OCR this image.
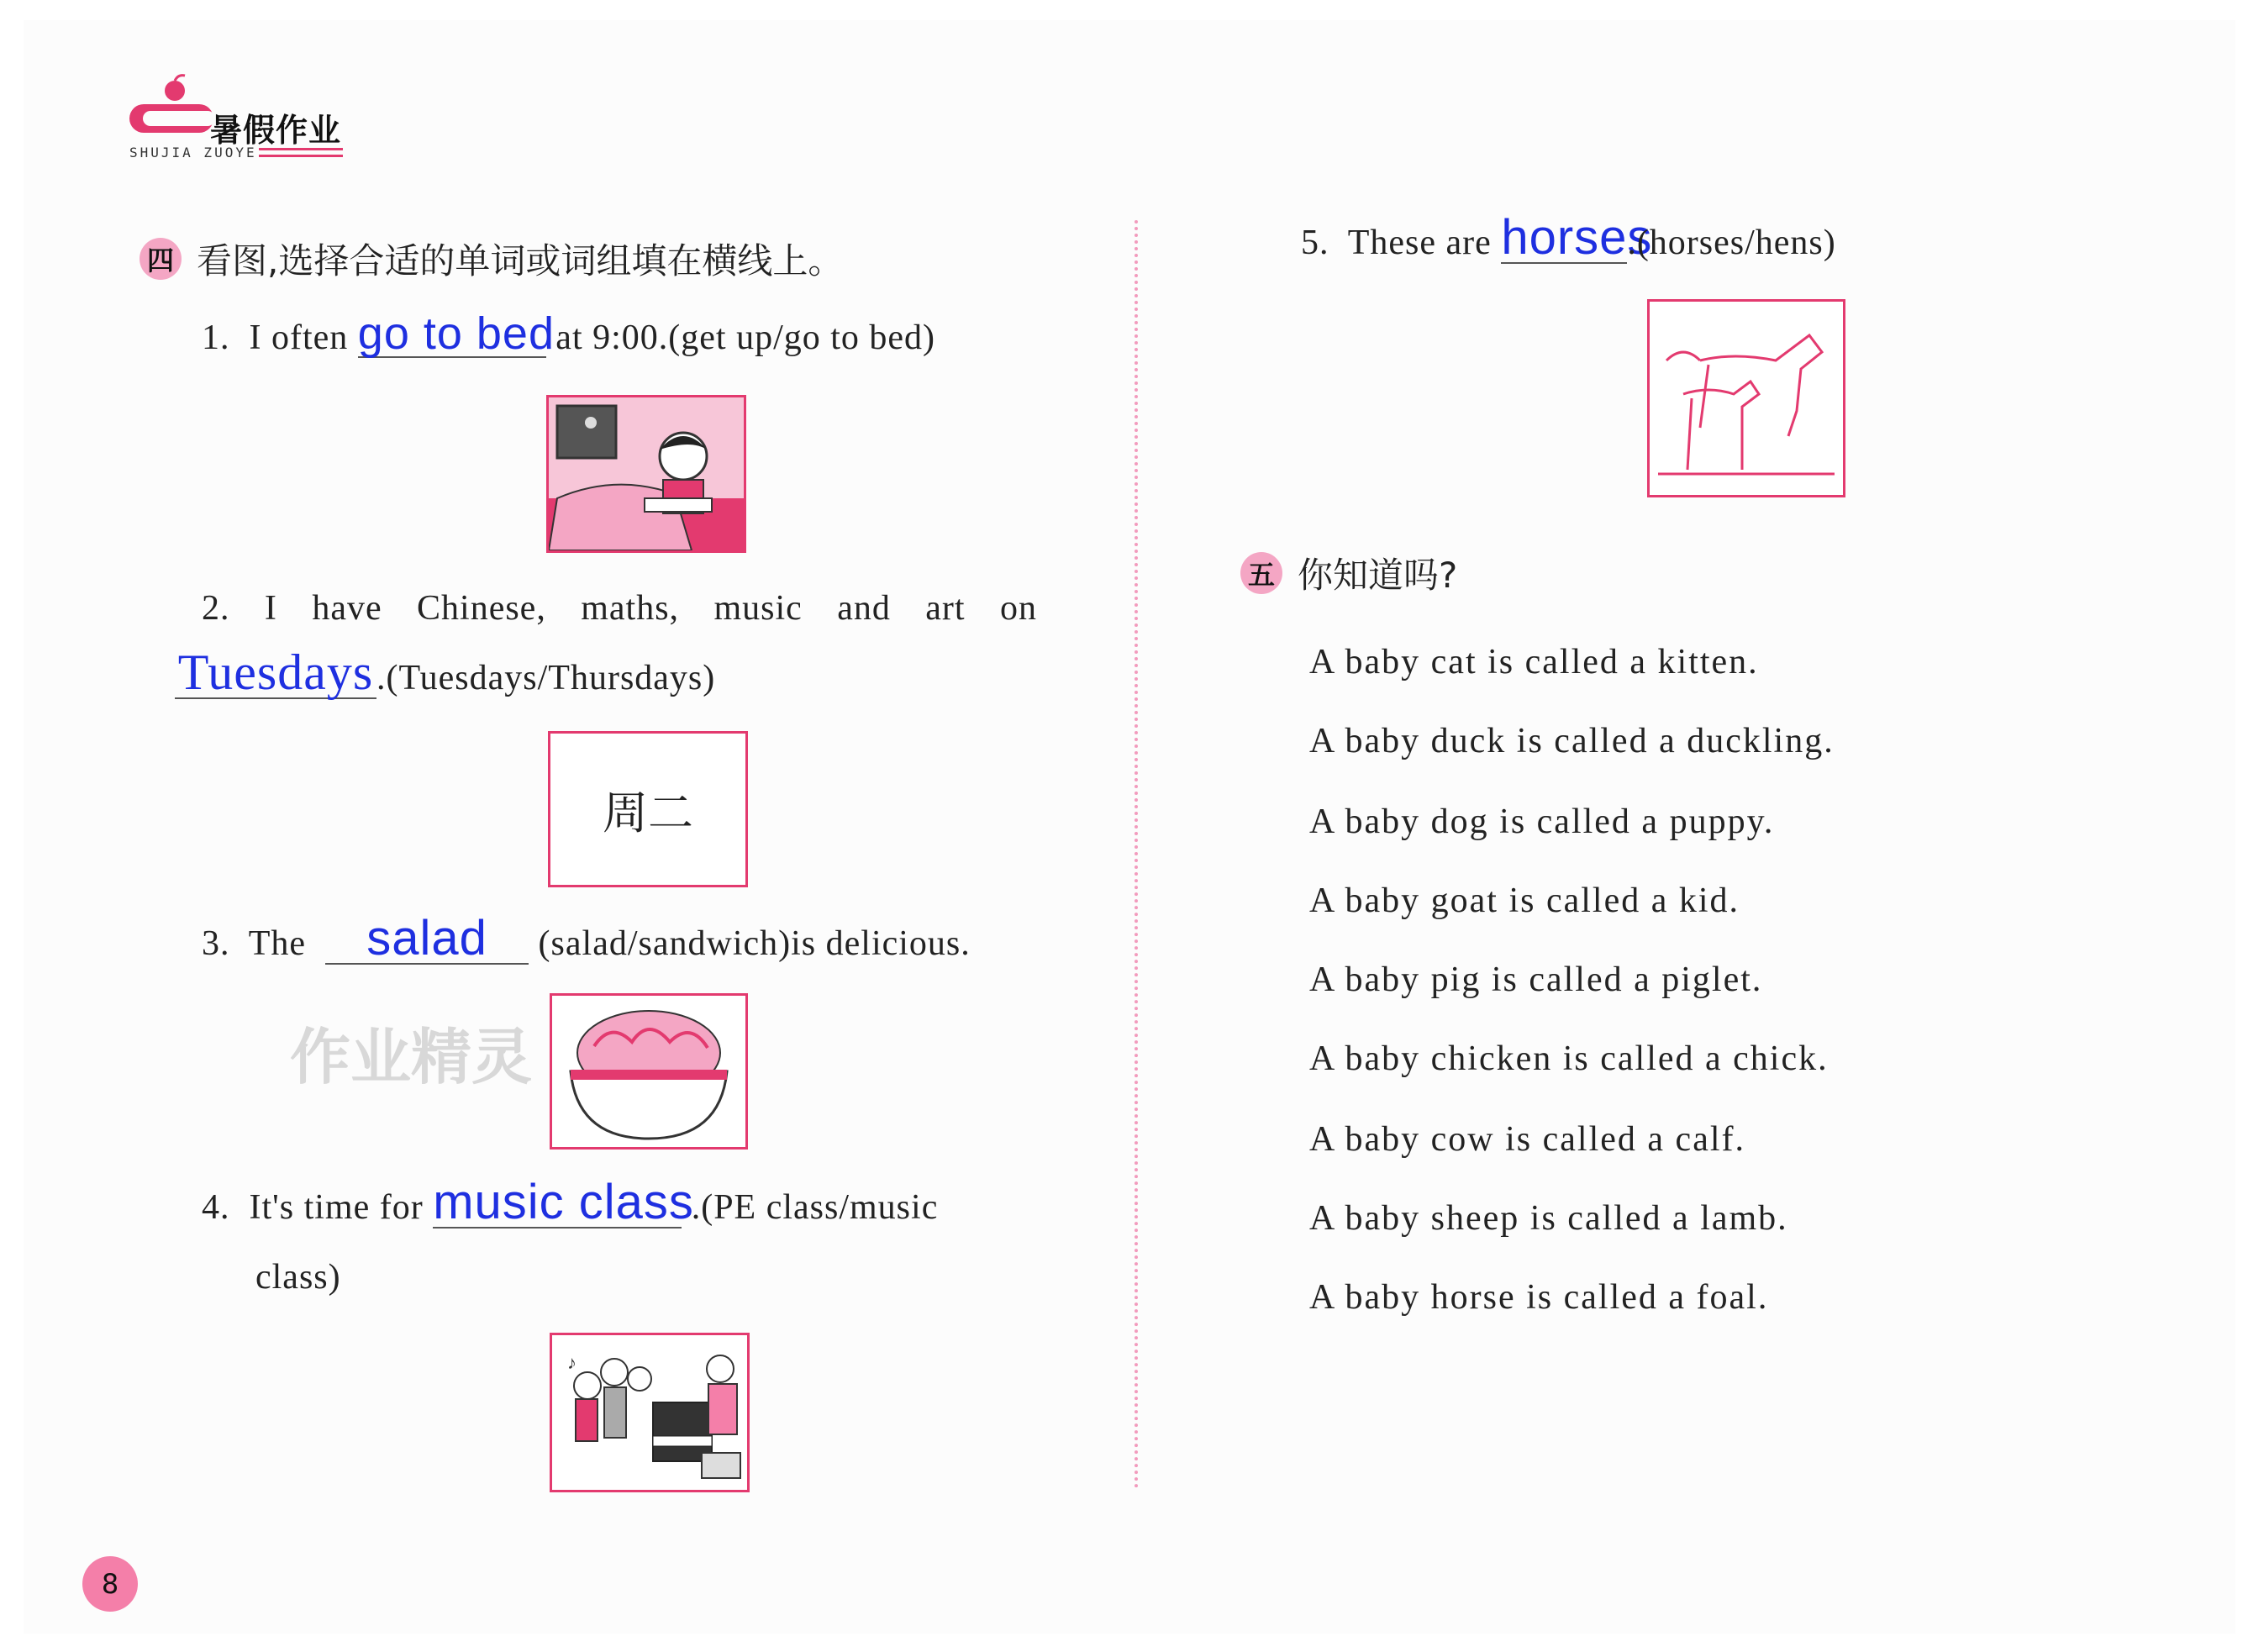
暑假作业
SHUJIA ZUOYE
四 看图,选择合适的单词或词组填在横线上。
1. I often go to bed at 9:00.(get up/go to bed)
2. I have Chinese, maths, music and art on
Tuesdays.(Tuesdays/Thursdays)
周二
3. The salad (salad/sandwich)is delicious.
作业精灵
4. It's time for music class .(PE class/music
class)
♪
5. These are horses.(horses/hens)
五 你知道吗?
A baby cat is called a kitten.
A baby duck is called a duckling.
A baby dog is called a puppy.
A baby goat is called a kid.
A baby pig is called a piglet.
A baby chicken is called a chick.
A baby cow is called a calf.
A baby sheep is called a lamb.
A baby horse is called a foal.
8
